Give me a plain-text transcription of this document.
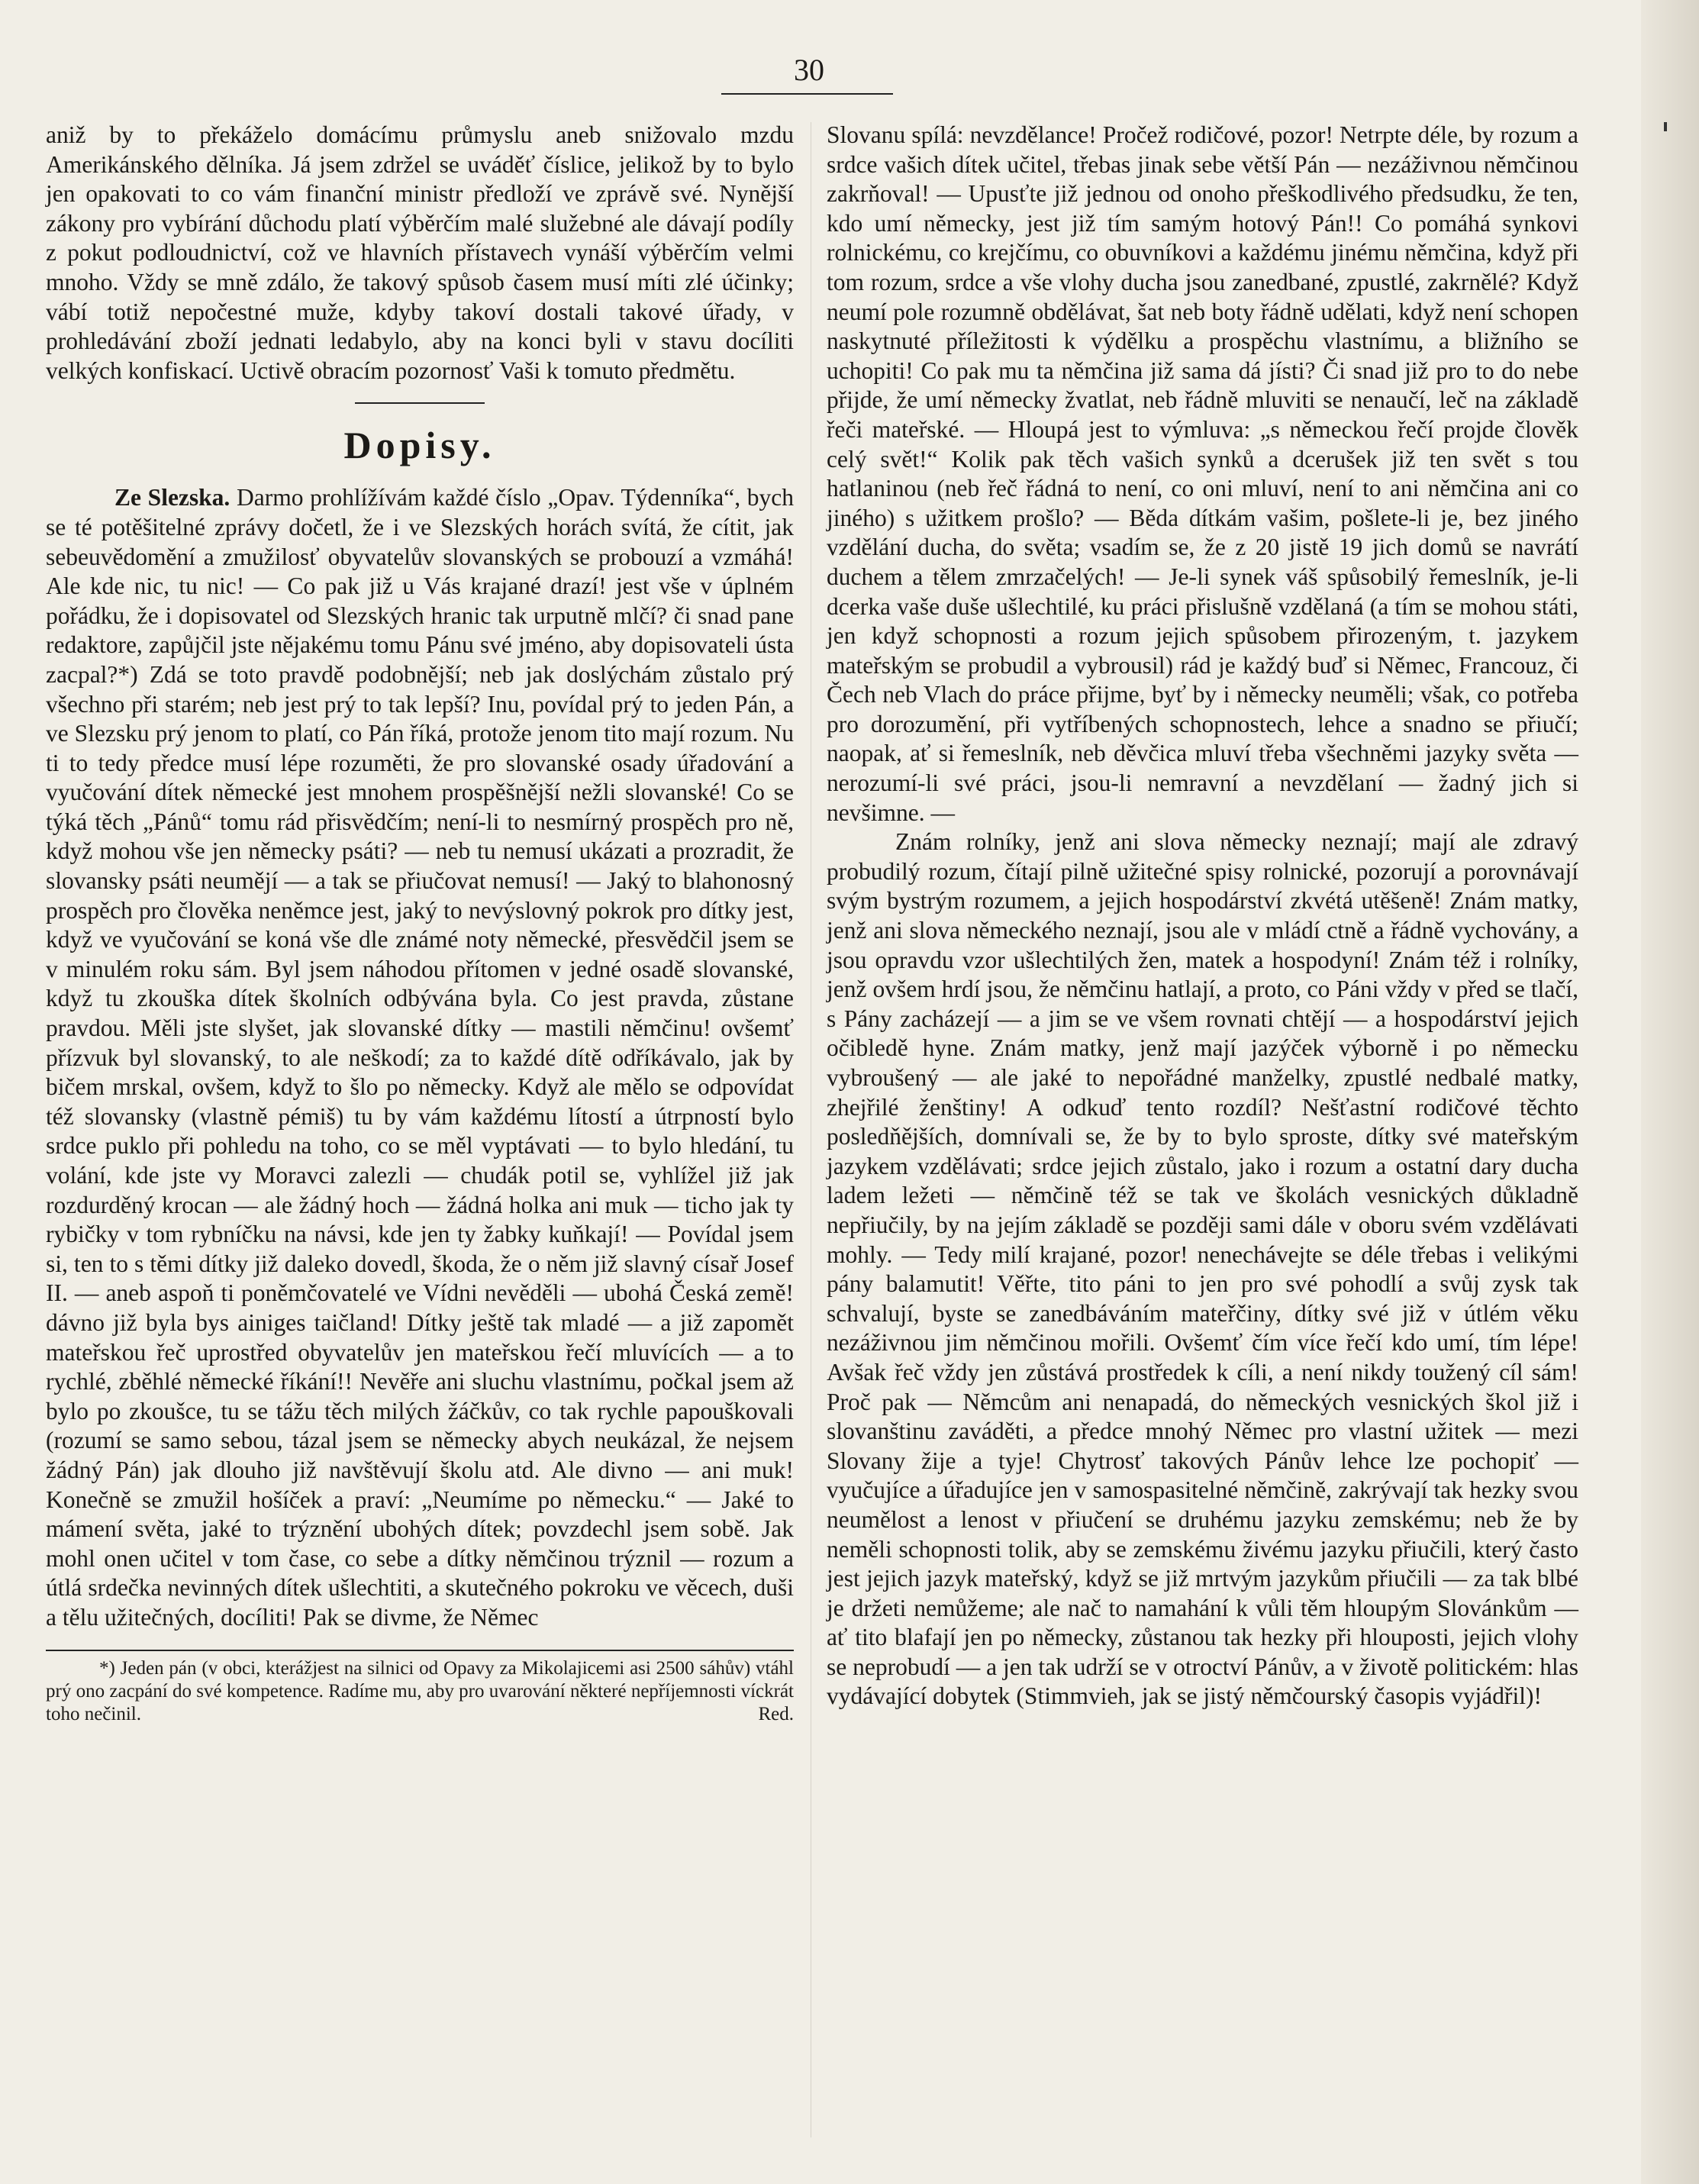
30

aniž by to překáželo domácímu průmyslu aneb snižovalo mzdu Amerikánského dělníka. Já jsem zdržel se uváděť číslice, jelikož by to bylo jen opakovati to co vám finanční ministr předloží ve zprávě své. Nynější zákony pro vybírání důchodu platí výběrčím malé služebné ale dávají podíly z pokut podloudnictví, což ve hlavních přístavech vynáší výběrčím velmi mnoho. Vždy se mně zdálo, že takový spůsob časem musí míti zlé účinky; vábí totiž nepočestné muže, kdyby takoví dostali takové úřady, v prohledávání zboží jednati ledabylo, aby na konci byli v stavu docíliti velkých konfiskací. Uctivě obracím pozornosť Vaši k tomuto předmětu.

Dopisy.

Ze Slezska. Darmo prohlížívám každé číslo „Opav. Týdenníka“, bych se té potěšitelné zprávy dočetl, že i ve Slezských horách svítá, že cítit, jak sebeuvědomění a zmužilosť obyvatelův slovanských se probouzí a vzmáhá! Ale kde nic, tu nic! — Co pak již u Vás krajané drazí! jest vše v úplném pořádku, že i dopisovatel od Slezských hranic tak urputně mlčí? či snad pane redaktore, zapůjčil jste nějakému tomu Pánu své jméno, aby dopisovateli ústa zacpal?*) Zdá se toto pravdě podobnější; neb jak doslýchám zůstalo prý všechno při starém; neb jest prý to tak lepší? Inu, povídal prý to jeden Pán, a ve Slezsku prý jenom to platí, co Pán říká, protože jenom tito mají rozum. Nu ti to tedy předce musí lépe rozuměti, že pro slovanské osady úřadování a vyučování dítek německé jest mnohem prospěšnější nežli slovanské! Co se týká těch „Pánů“ tomu rád přisvědčím; není-li to nesmírný prospěch pro ně, když mohou vše jen německy psáti? — neb tu nemusí ukázati a prozradit, že slovansky psáti neumějí — a tak se přiučovat nemusí! — Jaký to blahonosný prospěch pro člověka neněmce jest, jaký to nevýslovný pokrok pro dítky jest, když ve vyučování se koná vše dle známé noty německé, přesvědčil jsem se v minulém roku sám. Byl jsem náhodou přítomen v jedné osadě slovanské, když tu zkouška dítek školních odbývána byla. Co jest pravda, zůstane pravdou. Měli jste slyšet, jak slovanské dítky — mastili němčinu! ovšemť přízvuk byl slovanský, to ale neškodí; za to každé dítě odříkávalo, jak by bičem mrskal, ovšem, když to šlo po německy. Když ale mělo se odpovídat též slovansky (vlastně pémiš) tu by vám každému lítostí a útrpností bylo srdce puklo při pohledu na toho, co se měl vyptávati — to bylo hledání, tu volání, kde jste vy Moravci zalezli — chudák potil se, vyhlížel již jak rozdurděný krocan — ale žádný hoch — žádná holka ani muk — ticho jak ty rybičky v tom rybníčku na návsi, kde jen ty žabky kuňkají! — Povídal jsem si, ten to s těmi dítky již daleko dovedl, škoda, že o něm již slavný císař Josef II. — aneb aspoň ti poněmčovatelé ve Vídni nevěděli — ubohá Česká země! dávno již byla bys ainiges taičland! Dítky ještě tak mladé — a již zapomět mateřskou řeč uprostřed obyvatelův jen mateřskou řečí mluvících — a to rychlé, zběhlé německé říkání!! Nevěře ani sluchu vlastnímu, počkal jsem až bylo po zkoušce, tu se tážu těch milých žáčkův, co tak rychle papouškovali (rozumí se samo sebou, tázal jsem se německy abych neukázal, že nejsem žádný Pán) jak dlouho již navštěvují školu atd. Ale divno — ani muk! Konečně se zmužil hošíček a praví: „Neumíme po německu.“ — Jaké to mámení světa, jaké to trýznění ubohých dítek; povzdechl jsem sobě. Jak mohl onen učitel v tom čase, co sebe a dítky němčinou trýznil — rozum a útlá srdečka nevinných dítek ušlechtiti, a skutečného pokroku ve věcech, duši a tělu užitečných, docíliti! Pak se divme, že Němec

*) Jeden pán (v obci, kterážjest na silnici od Opavy za Mikolajicemi asi 2500 sáhův) vtáhl prý ono zacpání do své kompetence. Radíme mu, aby pro uvarování některé nepříjemnosti víckrát toho nečinil.	Red.

Slovanu spílá: nevzdělance! Pročež rodičové, pozor! Netrpte déle, by rozum a srdce vašich dítek učitel, třebas jinak sebe větší Pán — nezáživnou němčinou zakrňoval! — Upusťte již jednou od onoho přeškodlivého předsudku, že ten, kdo umí německy, jest již tím samým hotový Pán!! Co pomáhá synkovi rolnickému, co krejčímu, co obuvníkovi a každému jinému němčina, když při tom rozum, srdce a vše vlohy ducha jsou zanedbané, zpustlé, zakrnělé? Když neumí pole rozumně obdělávat, šat neb boty řádně udělati, když není schopen naskytnuté příležitosti k výdělku a prospěchu vlastnímu, a bližního se uchopiti! Co pak mu ta němčina již sama dá jísti? Či snad již pro to do nebe přijde, že umí německy žvatlat, neb řádně mluviti se nenaučí, leč na základě řeči mateřské. — Hloupá jest to výmluva: „s německou řečí projde člověk celý svět!“ Kolik pak těch vašich synků a dcerušek již ten svět s tou hatlaninou (neb řeč řádná to není, co oni mluví, není to ani němčina ani co jiného) s užitkem prošlo? — Běda dítkám vašim, pošlete-li je, bez jiného vzdělání ducha, do světa; vsadím se, že z 20 jistě 19 jich domů se navrátí duchem a tělem zmrzačelých! — Je-li synek váš spůsobilý řemeslník, je-li dcerka vaše duše ušlechtilé, ku práci přislušně vzdělaná (a tím se mohou státi, jen když schopnosti a rozum jejich spůsobem přirozeným, t. jazykem mateřským se probudil a vybrousil) rád je každý buď si Němec, Francouz, či Čech neb Vlach do práce přijme, byť by i německy neuměli; však, co potřeba pro dorozumění, při vytříbených schopnostech, lehce a snadno se přiučí; naopak, ať si řemeslník, neb děvčica mluví třeba všechněmi jazyky světa — nerozumí-li své práci, jsou-li nemravní a nevzdělaní — žadný jich si nevšimne. —

Znám rolníky, jenž ani slova německy neznají; mají ale zdravý probudilý rozum, čítají pilně užitečné spisy rolnické, pozorují a porovnávají svým bystrým rozumem, a jejich hospodárství zkvétá utěšeně! Znám matky, jenž ani slova německého neznají, jsou ale v mládí ctně a řádně vychovány, a jsou opravdu vzor ušlechtilých žen, matek a hospodyní! Znám též i rolníky, jenž ovšem hrdí jsou, že němčinu hatlají, a proto, co Páni vždy v před se tlačí, s Pány zacházejí — a jim se ve všem rovnati chtějí — a hospodárství jejich očibledě hyne. Znám matky, jenž mají jazýček výborně i po německu vybroušený — ale jaké to nepořádné manželky, zpustlé nedbalé matky, zhejřilé ženštiny! A odkuď tento rozdíl? Nešťastní rodičové těchto posledňějších, domnívali se, že by to bylo sproste, dítky své mateřským jazykem vzdělávati; srdce jejich zůstalo, jako i rozum a ostatní dary ducha ladem ležeti — němčině též se tak ve školách vesnických důkladně nepřiučily, by na jejím základě se později sami dále v oboru svém vzdělávati mohly. — Tedy milí krajané, pozor! nenechávejte se déle třebas i velikými pány balamutit! Věřte, tito páni to jen pro své pohodlí a svůj zysk tak schvalují, byste se zanedbáváním mateřčiny, dítky své již v útlém věku nezáživnou jim němčinou mořili. Ovšemť čím více řečí kdo umí, tím lépe! Avšak řeč vždy jen zůstává prostředek k cíli, a není nikdy toužený cíl sám! Proč pak — Němcům ani nenapadá, do německých vesnických škol již i slovanštinu zaváděti, a předce mnohý Němec pro vlastní užitek — mezi Slovany žije a tyje! Chytrosť takových Pánův lehce lze pochopiť — vyučujíce a úřadujíce jen v samospasitelné němčině, zakrývají tak hezky svou neumělost a lenost v přiučení se druhému jazyku zemskému; neb že by neměli schopnosti tolik, aby se zemskému živému jazyku přiučili, který často jest jejich jazyk mateřský, když se již mrtvým jazykům přiučili — za tak blbé je držeti nemůžeme; ale nač to namahání k vůli těm hloupým Slovánkům — ať tito blafají jen po německy, zůstanou tak hezky při hlouposti, jejich vlohy se neprobudí — a jen tak udrží se v otroctví Pánův, a v životě politickém: hlas vydávající dobytek (Stimmvieh, jak se jistý němčourský časopis vyjádřil)!
